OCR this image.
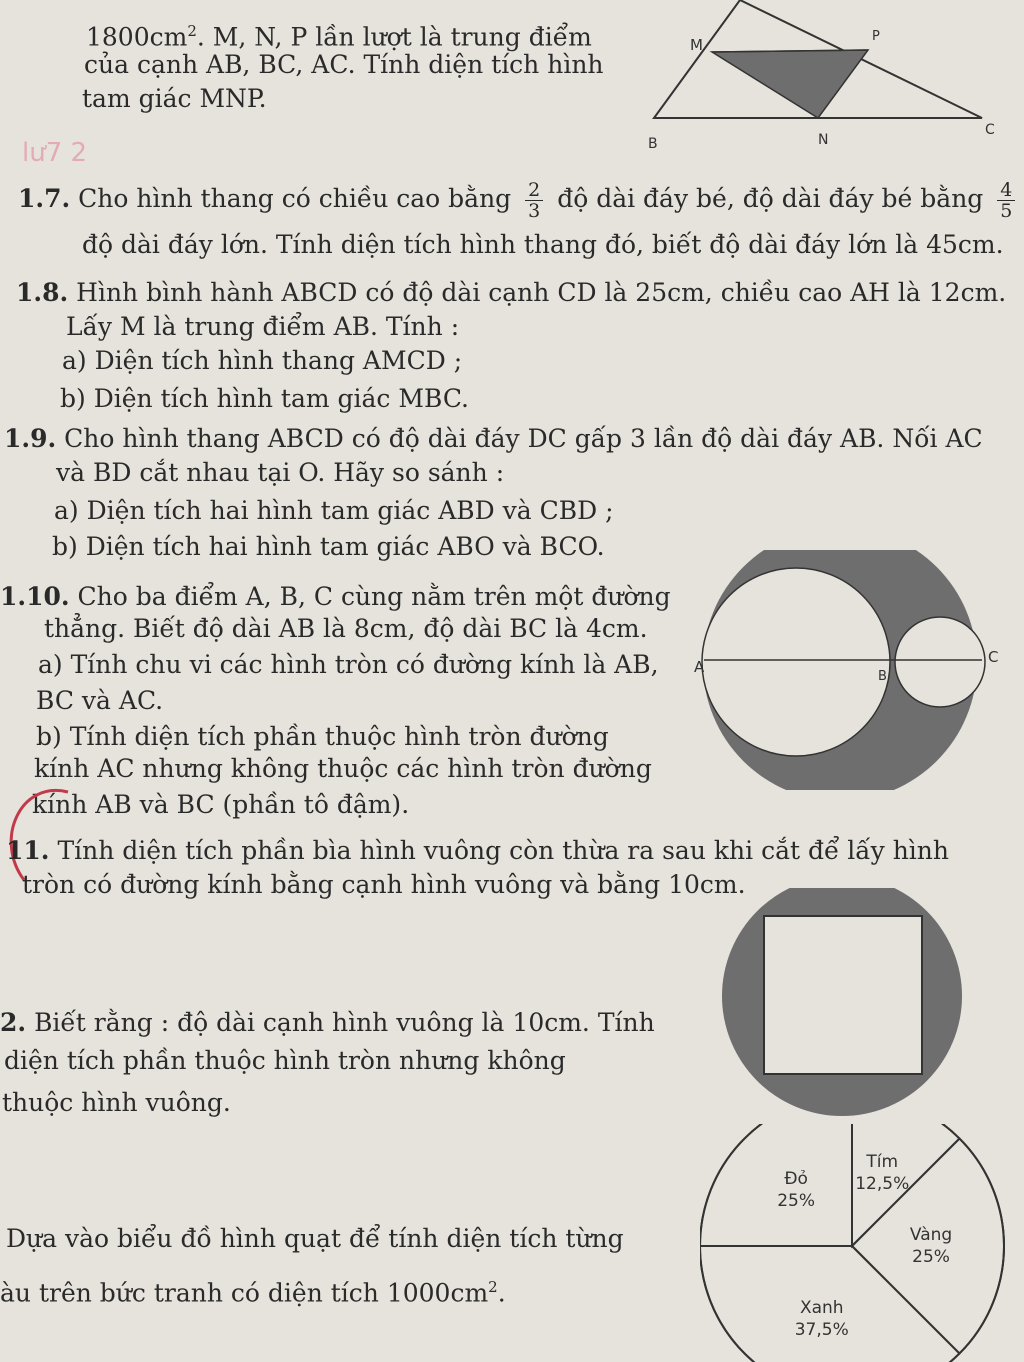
$1800cm^2$. M, N, P lần lượt là trung điểm
của cạnh AB, BC, AC. Tính diện tích hình
tam giác MNP.
M	P
B	N
C
lư7 2
1.7. Cho hình thang có chiều cao bằng $\frac{2}{3}$ độ dài đáy bé, độ dài đáy bé bằng $\frac{4}{5}$
độ dài đáy lớn. Tính diện tích hình thang đó, biết độ dài đáy lớn là 45cm.
1.8. Hình bình hành ABCD có độ dài cạnh CD là 25cm, chiều cao AH là 12cm.
Lấy M là trung điểm AB. Tính :
a) Diện tích hình thang AMCD ;
b) Diện tích hình tam giác MBC.
1.9. Cho hình thang ABCD có độ dài đáy DC gấp 3 lần độ dài đáy AB. Nối AC
và BD cắt nhau tại O. Hãy so sánh :
a) Diện tích hai hình tam giác ABD và CBD ;
b) Diện tích hai hình tam giác ABO và BCO.
1.10. Cho ba điểm A, B, C cùng nằm trên một đường
thẳng. Biết độ dài AB là 8cm, độ dài BC là 4cm.
a) Tính chu vi các hình tròn có đường kính là AB,
BC và AC.
b) Tính diện tích phần thuộc hình tròn đường
kính AC nhưng không thuộc các hình tròn đường
kính AB và BC (phần tô đậm).
A
B
C
11. Tính diện tích phần bìa hình vuông còn thừa ra sau khi cắt để lấy hình
tròn có đường kính bằng cạnh hình vuông và bằng 10cm.
2. Biết rằng : độ dài cạnh hình vuông là 10cm. Tính
diện tích phần thuộc hình tròn nhưng không
thuộc hình vuông.
Dựa vào biểu đồ hình quạt để tính diện tích từng
àu trên bức tranh có diện tích $1000cm^2$.
Tím
12,5%
Vàng
25%
Xanh
37,5%
Đỏ
25%
